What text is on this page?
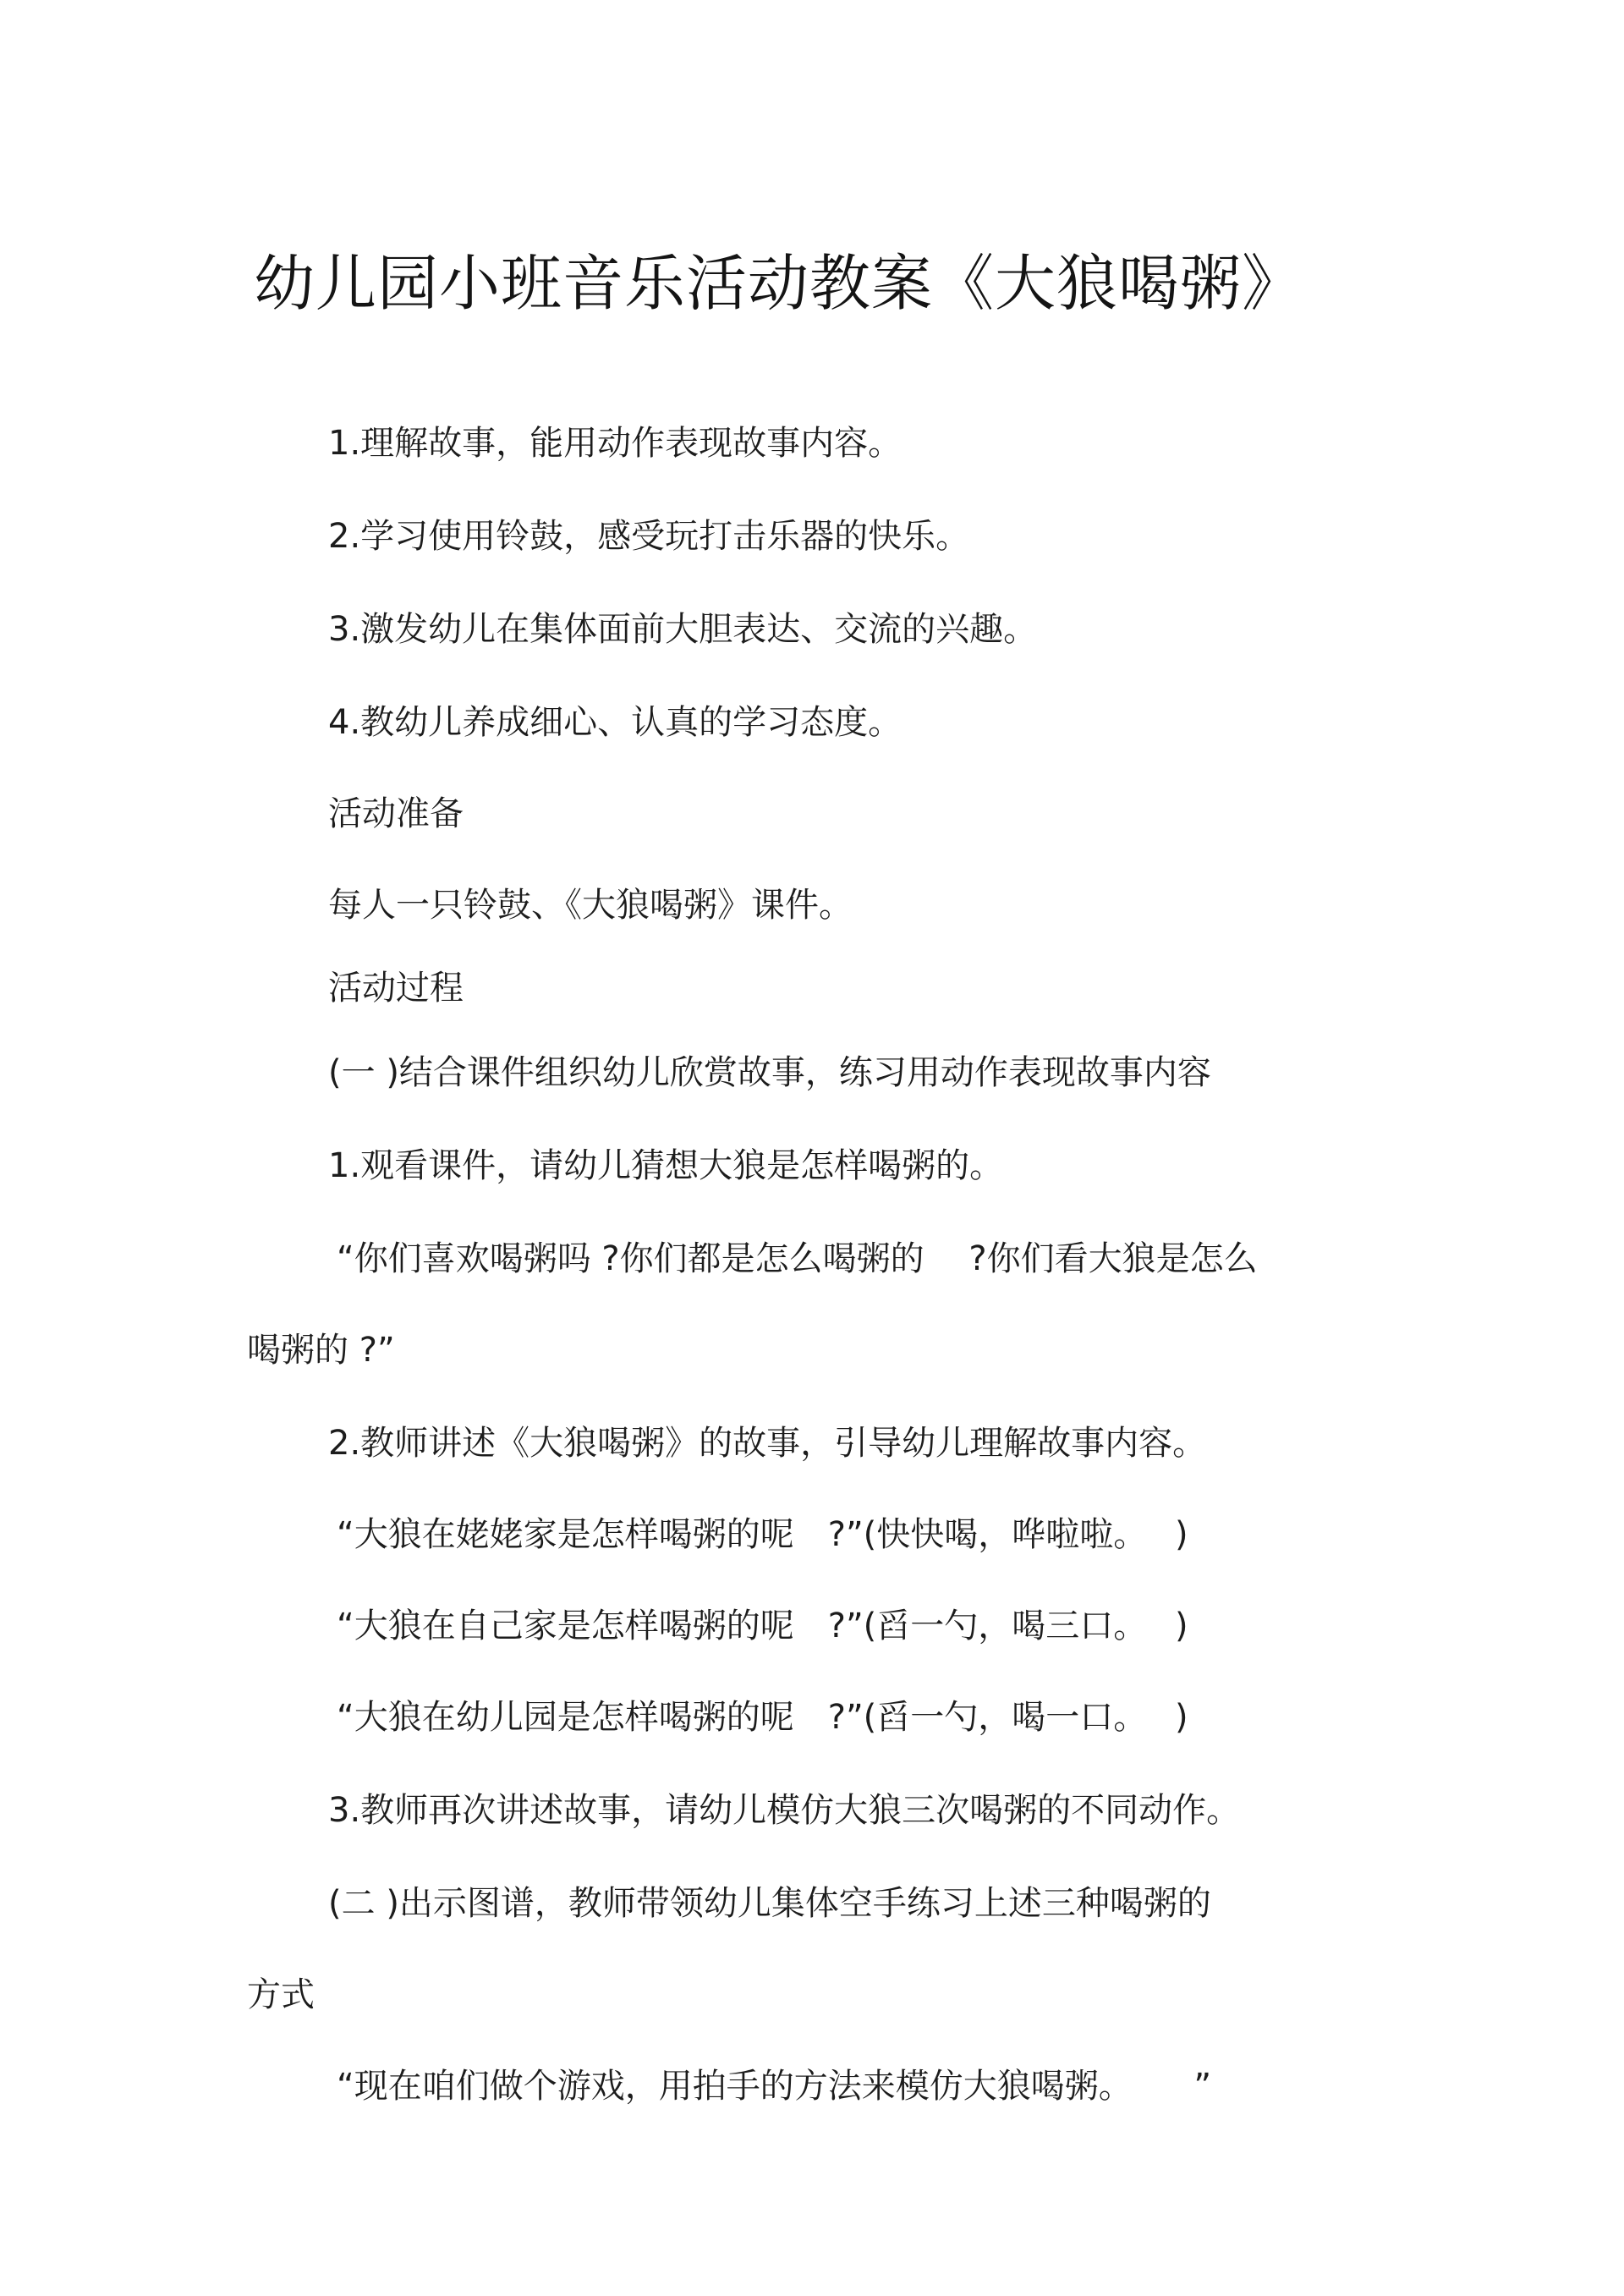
幼儿园小班音乐活动教案《大狼喝粥》
1.理解故事，能用动作表现故事内容。
2.学习使用铃鼓，感受玩打击乐器的快乐。
3.激发幼儿在集体面前大胆表达、交流的兴趣。
4.教幼儿养成细心、认真的学习态度。
活动准备
每人一只铃鼓、《大狼喝粥》课件。
活动过程
(一 )结合课件组织幼儿欣赏故事，练习用动作表现故事内容
1.观看课件，请幼儿猜想大狼是怎样喝粥的。
“你们喜欢喝粥吗 ?你们都是怎么喝粥的　 ?你们看大狼是怎么
喝粥的 ?”
2.教师讲述《大狼喝粥》的故事，引导幼儿理解故事内容。
“大狼在姥姥家是怎样喝粥的呢　?”(快快喝，哗啦啦。　 )
“大狼在自己家是怎样喝粥的呢　?”(舀一勺，喝三口。　 )
“大狼在幼儿园是怎样喝粥的呢　?”(舀一勺，喝一口。　 )
3.教师再次讲述故事，请幼儿模仿大狼三次喝粥的不同动作。
(二 )出示图谱，教师带领幼儿集体空手练习上述三种喝粥的
方式
“现在咱们做个游戏，用拍手的方法来模仿大狼喝粥。　　 ”
